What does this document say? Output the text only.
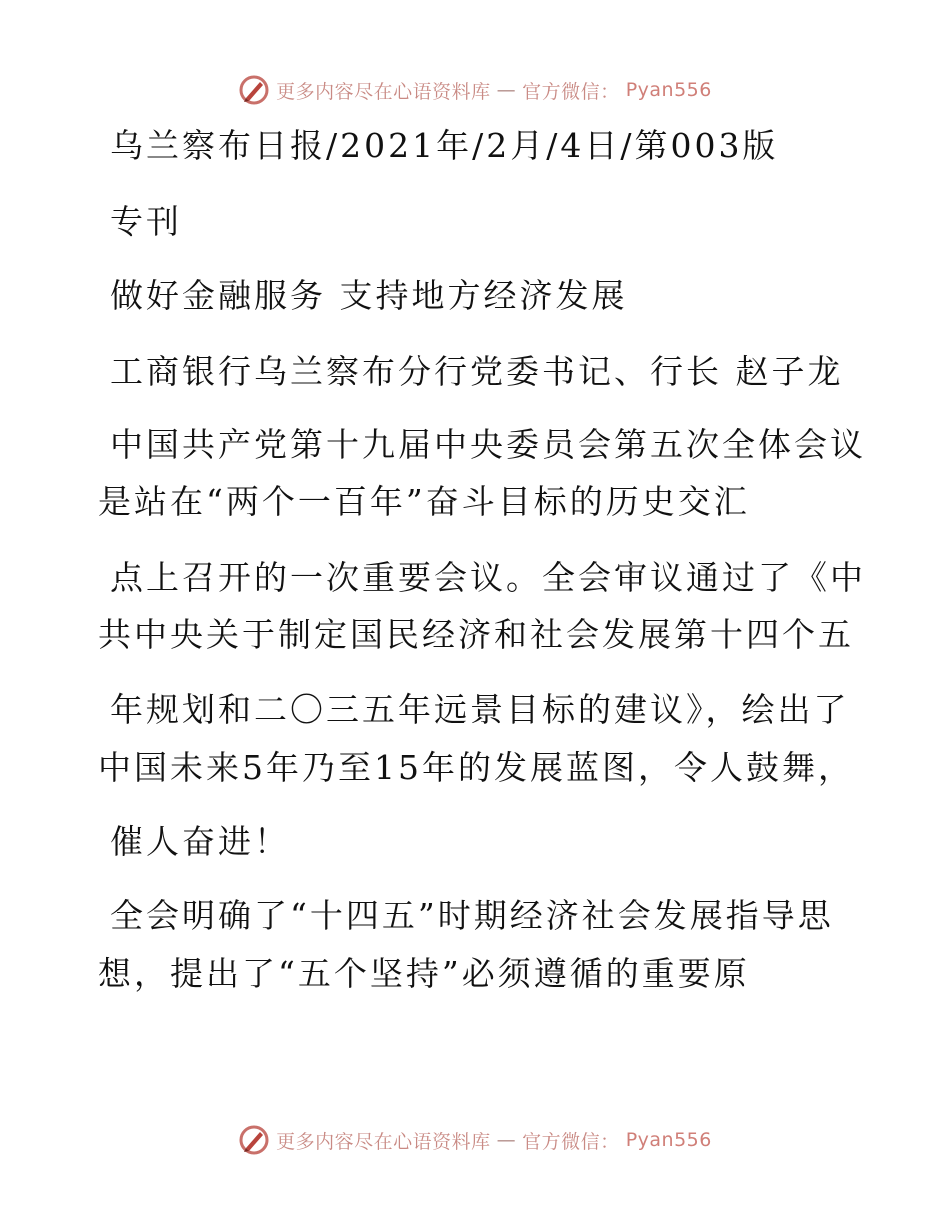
更多内容尽在心语资料库 — 官方微信： Pyan556
乌兰察布日报/2021年/2月/4日/第003版
专刊
做好金融服务 支持地方经济发展
工商银行乌兰察布分行党委书记、行长 赵子龙
中国共产党第十九届中央委员会第五次全体会议
是站在“两个一百年”奋斗目标的历史交汇
点上召开的一次重要会议。全会审议通过了《中
共中央关于制定国民经济和社会发展第十四个五
年规划和二〇三五年远景目标的建议》，绘出了
中国未来5年乃至15年的发展蓝图，令人鼓舞，
催人奋进！
全会明确了“十四五”时期经济社会发展指导思
想，提出了“五个坚持”必须遵循的重要原
更多内容尽在心语资料库 — 官方微信： Pyan556
